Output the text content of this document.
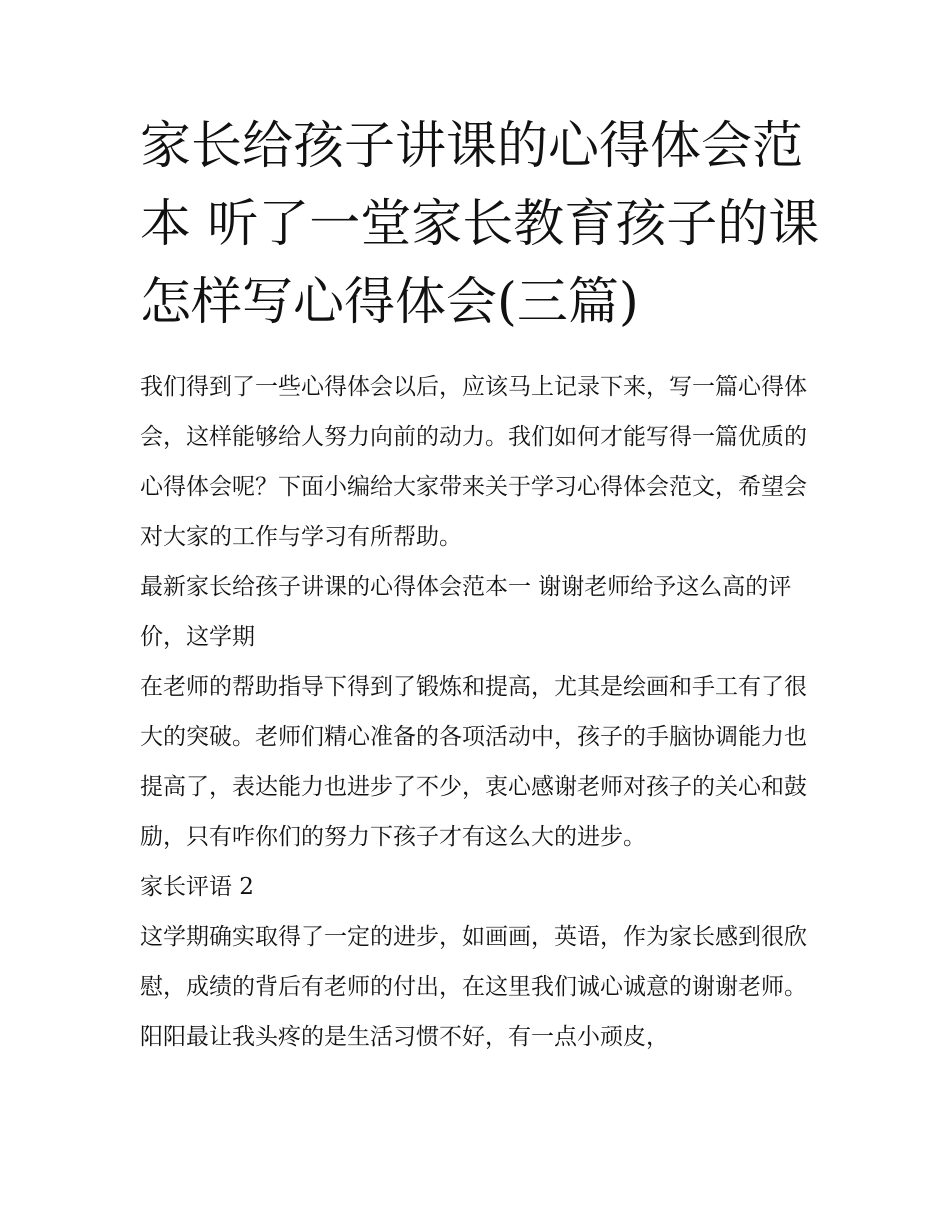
家长给孩子讲课的心得体会范本 听了一堂家长教育孩子的课怎样写心得体会(三篇)

我们得到了一些心得体会以后，应该马上记录下来，写一篇心得体会，这样能够给人努力向前的动力。我们如何才能写得一篇优质的心得体会呢？下面小编给大家带来关于学习心得体会范文，希望会对大家的工作与学习有所帮助。

最新家长给孩子讲课的心得体会范本一 谢谢老师给予这么高的评价，这学期

在老师的帮助指导下得到了锻炼和提高，尤其是绘画和手工有了很大的突破。老师们精心准备的各项活动中，孩子的手脑协调能力也提高了，表达能力也进步了不少，衷心感谢老师对孩子的关心和鼓励，只有咋你们的努力下孩子才有这么大的进步。

家长评语 2

这学期确实取得了一定的进步，如画画，英语，作为家长感到很欣慰，成绩的背后有老师的付出，在这里我们诚心诚意的谢谢老师。阳阳最让我头疼的是生活习惯不好，有一点小顽皮，
